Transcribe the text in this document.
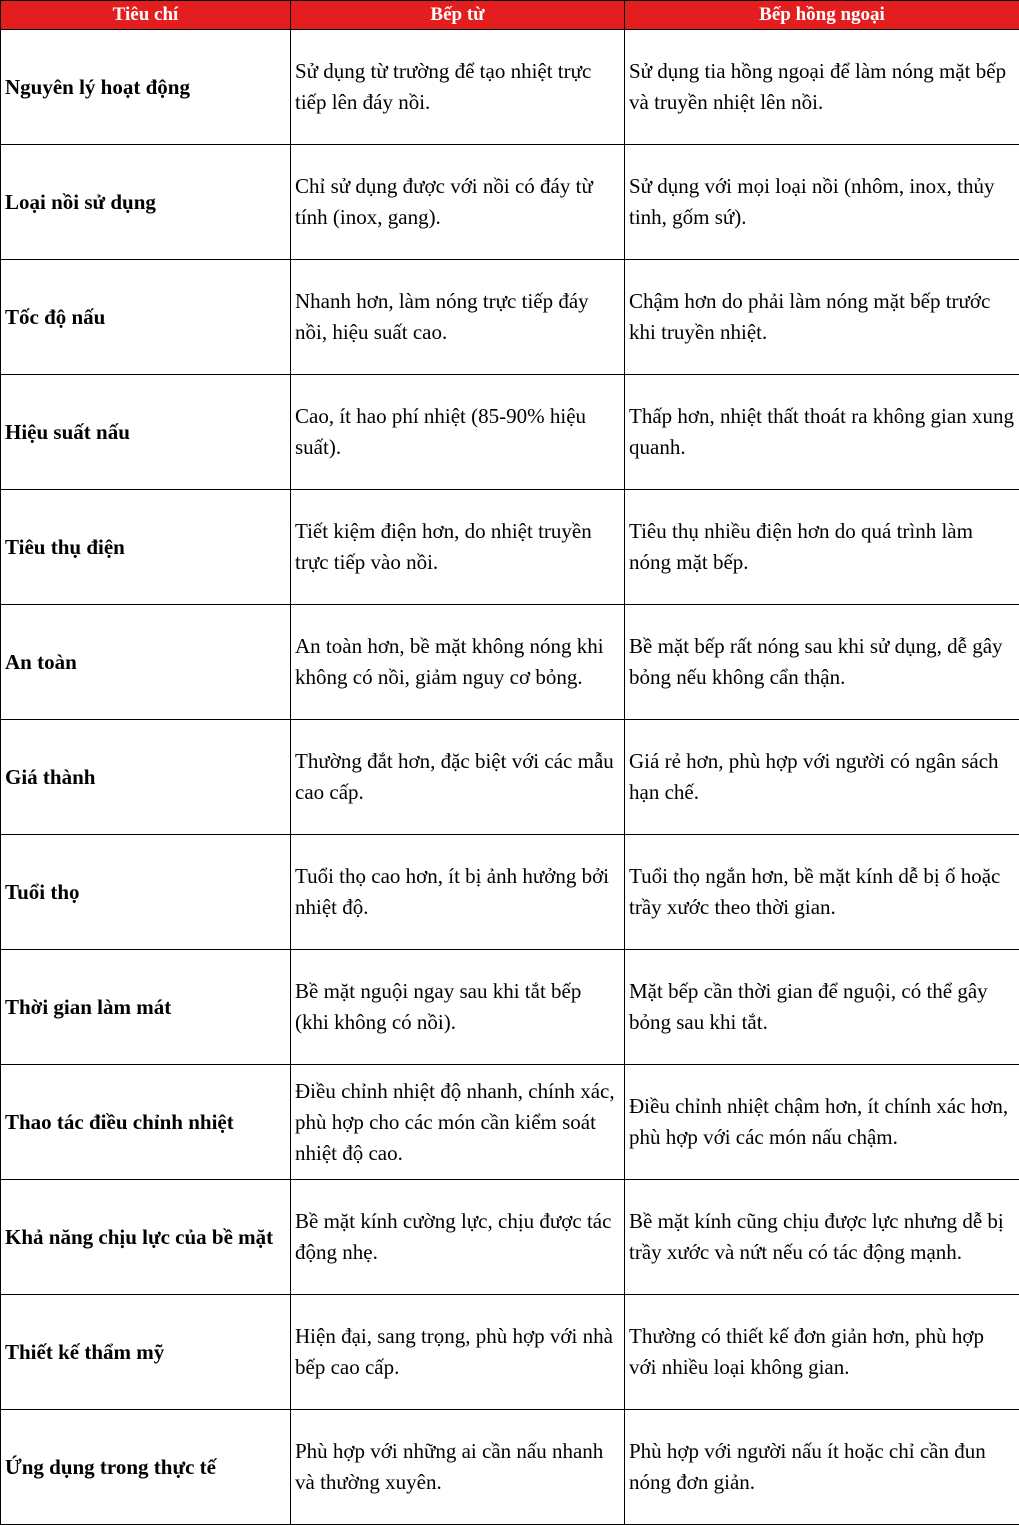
Tiêu chí	Bếp từ	Bếp hồng ngoại
Nguyên lý hoạt động	Sử dụng từ trường để tạo nhiệt trực tiếp lên đáy nồi.	Sử dụng tia hồng ngoại để làm nóng mặt bếp và truyền nhiệt lên nồi.
Loại nồi sử dụng	Chỉ sử dụng được với nồi có đáy từ tính (inox, gang).	Sử dụng với mọi loại nồi (nhôm, inox, thủy tinh, gốm sứ).
Tốc độ nấu	Nhanh hơn, làm nóng trực tiếp đáy nồi, hiệu suất cao.	Chậm hơn do phải làm nóng mặt bếp trước khi truyền nhiệt.
Hiệu suất nấu	Cao, ít hao phí nhiệt (85-90% hiệu suất).	Thấp hơn, nhiệt thất thoát ra không gian xung quanh.
Tiêu thụ điện	Tiết kiệm điện hơn, do nhiệt truyền trực tiếp vào nồi.	Tiêu thụ nhiều điện hơn do quá trình làm nóng mặt bếp.
An toàn	An toàn hơn, bề mặt không nóng khi không có nồi, giảm nguy cơ bỏng.	Bề mặt bếp rất nóng sau khi sử dụng, dễ gây bỏng nếu không cẩn thận.
Giá thành	Thường đắt hơn, đặc biệt với các mẫu cao cấp.	Giá rẻ hơn, phù hợp với người có ngân sách hạn chế.
Tuổi thọ	Tuổi thọ cao hơn, ít bị ảnh hưởng bởi nhiệt độ.	Tuổi thọ ngắn hơn, bề mặt kính dễ bị ố hoặc trầy xước theo thời gian.
Thời gian làm mát	Bề mặt nguội ngay sau khi tắt bếp (khi không có nồi).	Mặt bếp cần thời gian để nguội, có thể gây bỏng sau khi tắt.
Thao tác điều chỉnh nhiệt	Điều chỉnh nhiệt độ nhanh, chính xác, phù hợp cho các món cần kiểm soát nhiệt độ cao.	Điều chỉnh nhiệt chậm hơn, ít chính xác hơn, phù hợp với các món nấu chậm.
Khả năng chịu lực của bề mặt	Bề mặt kính cường lực, chịu được tác động nhẹ.	Bề mặt kính cũng chịu được lực nhưng dễ bị trầy xước và nứt nếu có tác động mạnh.
Thiết kế thẩm mỹ	Hiện đại, sang trọng, phù hợp với nhà bếp cao cấp.	Thường có thiết kế đơn giản hơn, phù hợp với nhiều loại không gian.
Ứng dụng trong thực tế	Phù hợp với những ai cần nấu nhanh và thường xuyên.	Phù hợp với người nấu ít hoặc chỉ cần đun nóng đơn giản.
